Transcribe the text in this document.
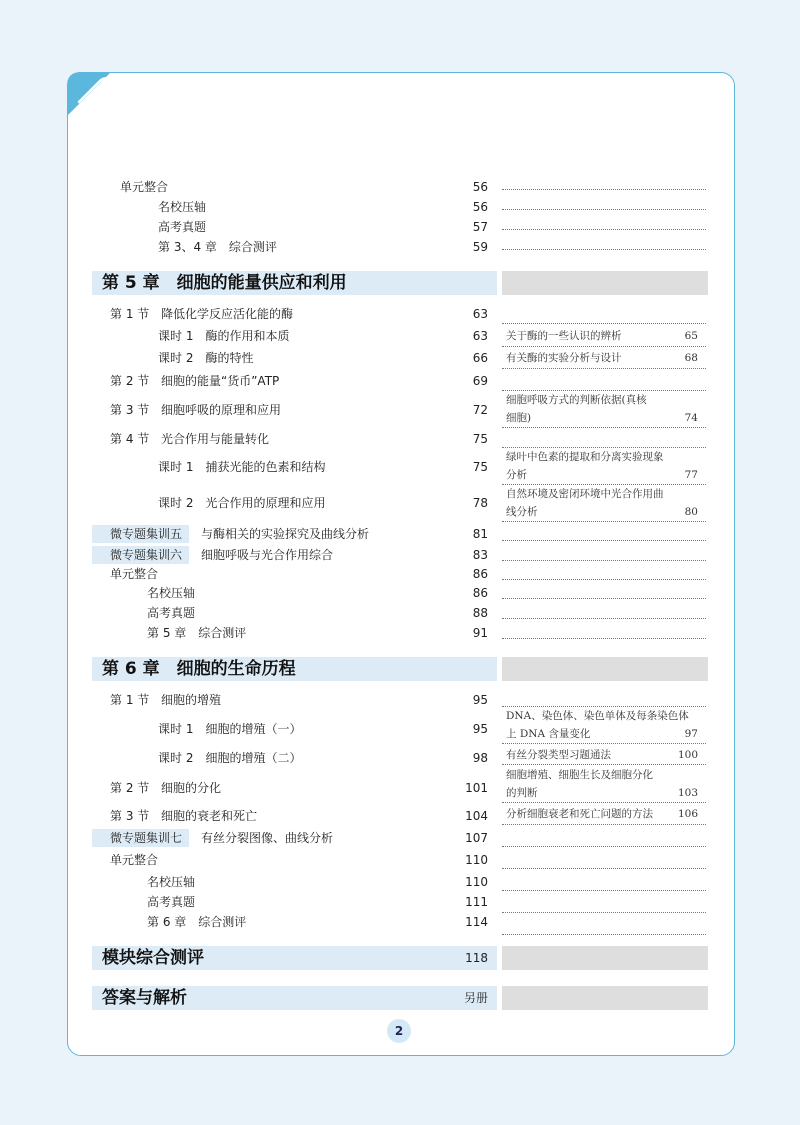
单元整合	56
名校压轴	56
高考真题	57
第 3、4 章　综合测评	59
第 5 章　细胞的能量供应和利用
第 1 节 降低化学反应活化能的酶	63
课时 1　酶的作用和本质	63
课时 2　酶的特性	66
第 2 节 细胞的能量“货币”ATP	69
第 3 节 细胞呼吸的原理和应用	72
第 4 节 光合作用与能量转化	75
课时 1　捕获光能的色素和结构	75
课时 2　光合作用的原理和应用	78
微专题集训五 与酶相关的实验探究及曲线分析	81
微专题集训六 细胞呼吸与光合作用综合	83
单元整合	86
名校压轴	86
高考真题	88
第 5 章　综合测评	91
关于酶的一些认识的辨析	65
有关酶的实验分析与设计	68
细胞呼吸方式的判断依据(真核
细胞)	74
绿叶中色素的提取和分离实验现象
分析	77
自然环境及密闭环境中光合作用曲
线分析	80
第 6 章　细胞的生命历程
第 1 节 细胞的增殖	95
课时 1　细胞的增殖（一）	95
课时 2　细胞的增殖（二）	98
第 2 节 细胞的分化	101
第 3 节 细胞的衰老和死亡	104
微专题集训七 有丝分裂图像、曲线分析	107
单元整合	110
名校压轴	110
高考真题	111
第 6 章　综合测评	114
DNA、染色体、染色单体及每条染色体
上 DNA 含量变化	97
有丝分裂类型习题通法	100
细胞增殖、细胞生长及细胞分化
的判断	103
分析细胞衰老和死亡问题的方法 106
模块综合测评	118
答案与解析	另册
2
